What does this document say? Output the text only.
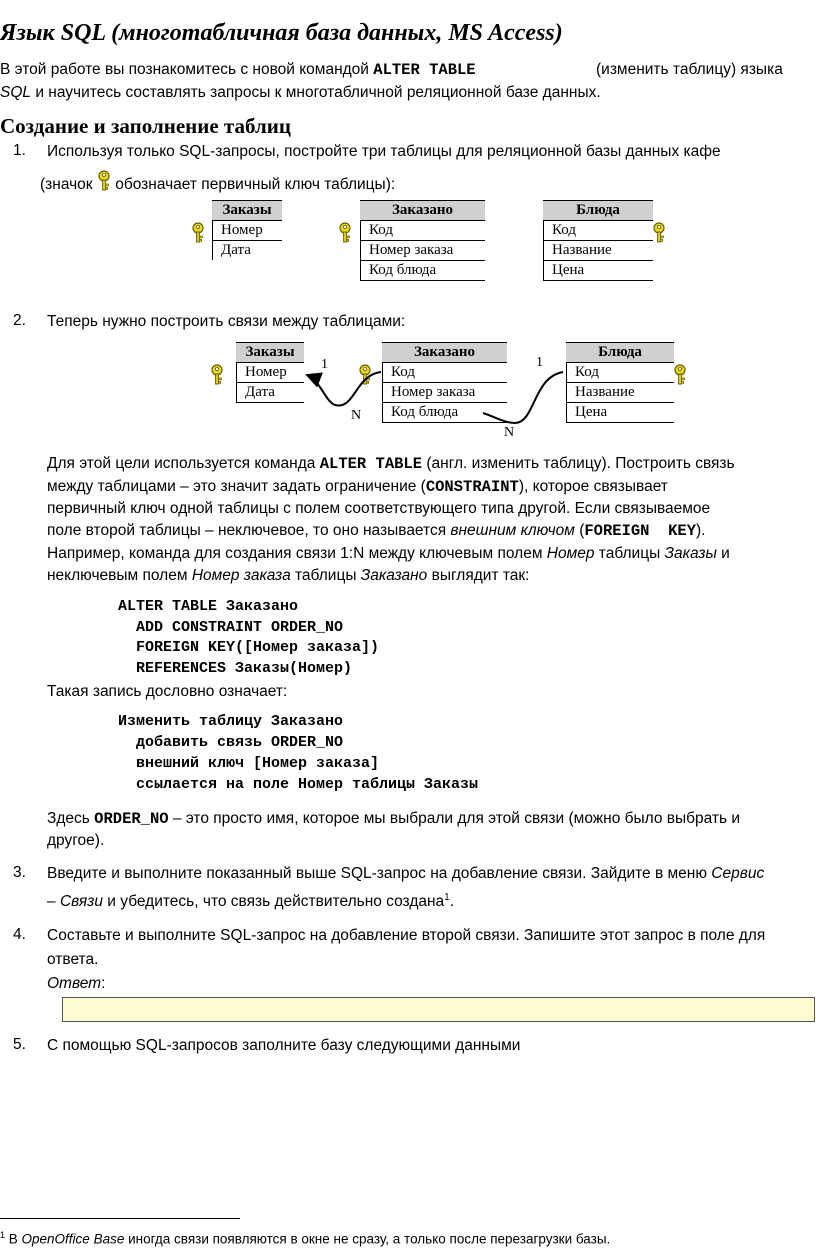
Язык SQL (многотабличная база данных, MS Access)
В этой работе вы познакомитесь с новой командой ALTER TABLE	(изменить таблицу) языка
SQL и научитесь составлять запросы к многотабличной реляционной базе данных.
Создание и заполнение таблиц
1. Используя только SQL-запросы, постройте три таблицы для реляционной базы данных кафе
(значок  обозначает первичный ключ таблицы):
Заказы
Номер
Дата
Заказано
Код
Номер заказа
Код блюда
Блюда
Код
Название
Цена
2. Теперь нужно построить связи между таблицами:
Заказы
Номер
Дата
Заказано
Код
Номер заказа
Код блюда
Блюда
Код
Название
Цена
1
N
1
N
Для этой цели используется команда ALTER TABLE (англ. изменить таблицу). Построить связь
между таблицами – это значит задать ограничение (CONSTRAINT), которое связывает
первичный ключ одной таблицы с полем соответствующего типа другой. Если связываемое
поле второй таблицы – неключевое, то оно называется внешним ключом (FOREIGN  KEY).
Например, команда для создания связи 1:N между ключевым полем Номер таблицы Заказы и
неключевым полем Номер заказа таблицы Заказано выглядит так:
ALTER TABLE Заказано
ADD CONSTRAINT ORDER_NO
FOREIGN KEY([Номер заказа])
REFERENCES Заказы(Номер)
Такая запись дословно означает:
Изменить таблицу Заказано
добавить связь ORDER_NO
внешний ключ [Номер заказа]
ссылается на поле Номер таблицы Заказы
Здесь ORDER_NO – это просто имя, которое мы выбрали для этой связи (можно было выбрать и
другое).
3. Введите и выполните показанный выше SQL-запрос на добавление связи. Зайдите в меню Сервис
– Связи и убедитесь, что связь действительно создана$^1$.
4. Составьте и выполните SQL-запрос на добавление второй связи. Запишите этот запрос в поле для
ответа.
Ответ:
5. С помощью SQL-запросов заполните базу следующими данными
$^1$ В OpenOffice Base иногда связи появляются в окне не сразу, а только после перезагрузки базы.
